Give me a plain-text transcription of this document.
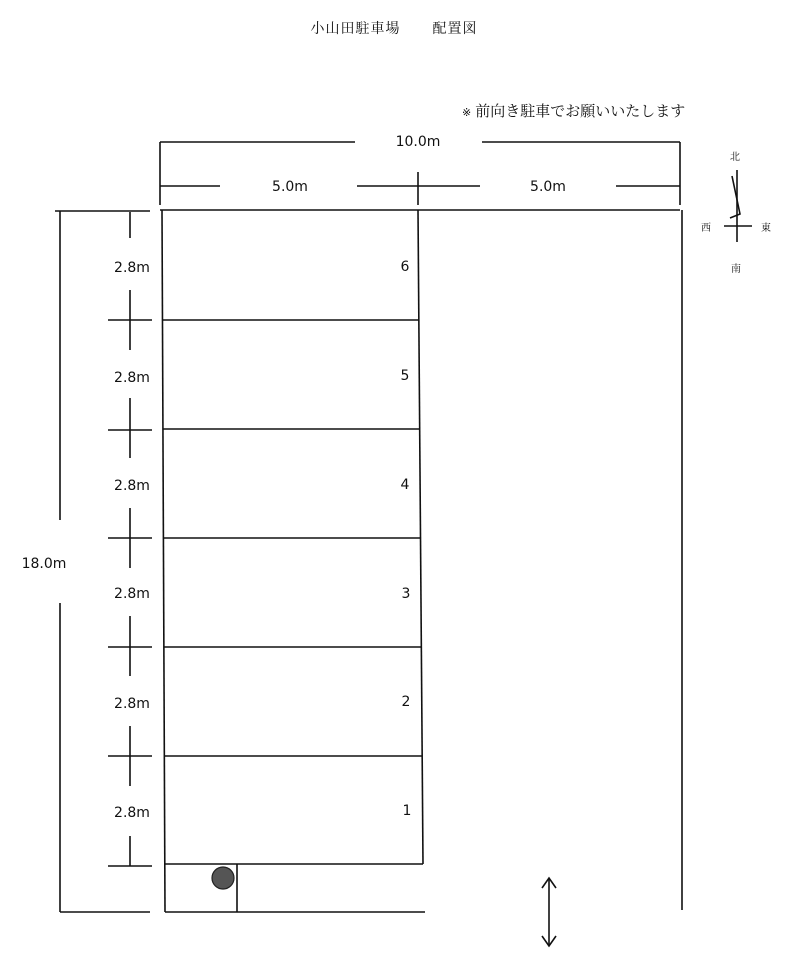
小山田駐車場 配置図
※ 前向き駐車でお願いいたします
10.0m
5.0m	5.0m
北
南
西	東
18.0m
2.8m
2.8m
2.8m
2.8m
2.8m
2.8m
6
5
4
3
2
1
